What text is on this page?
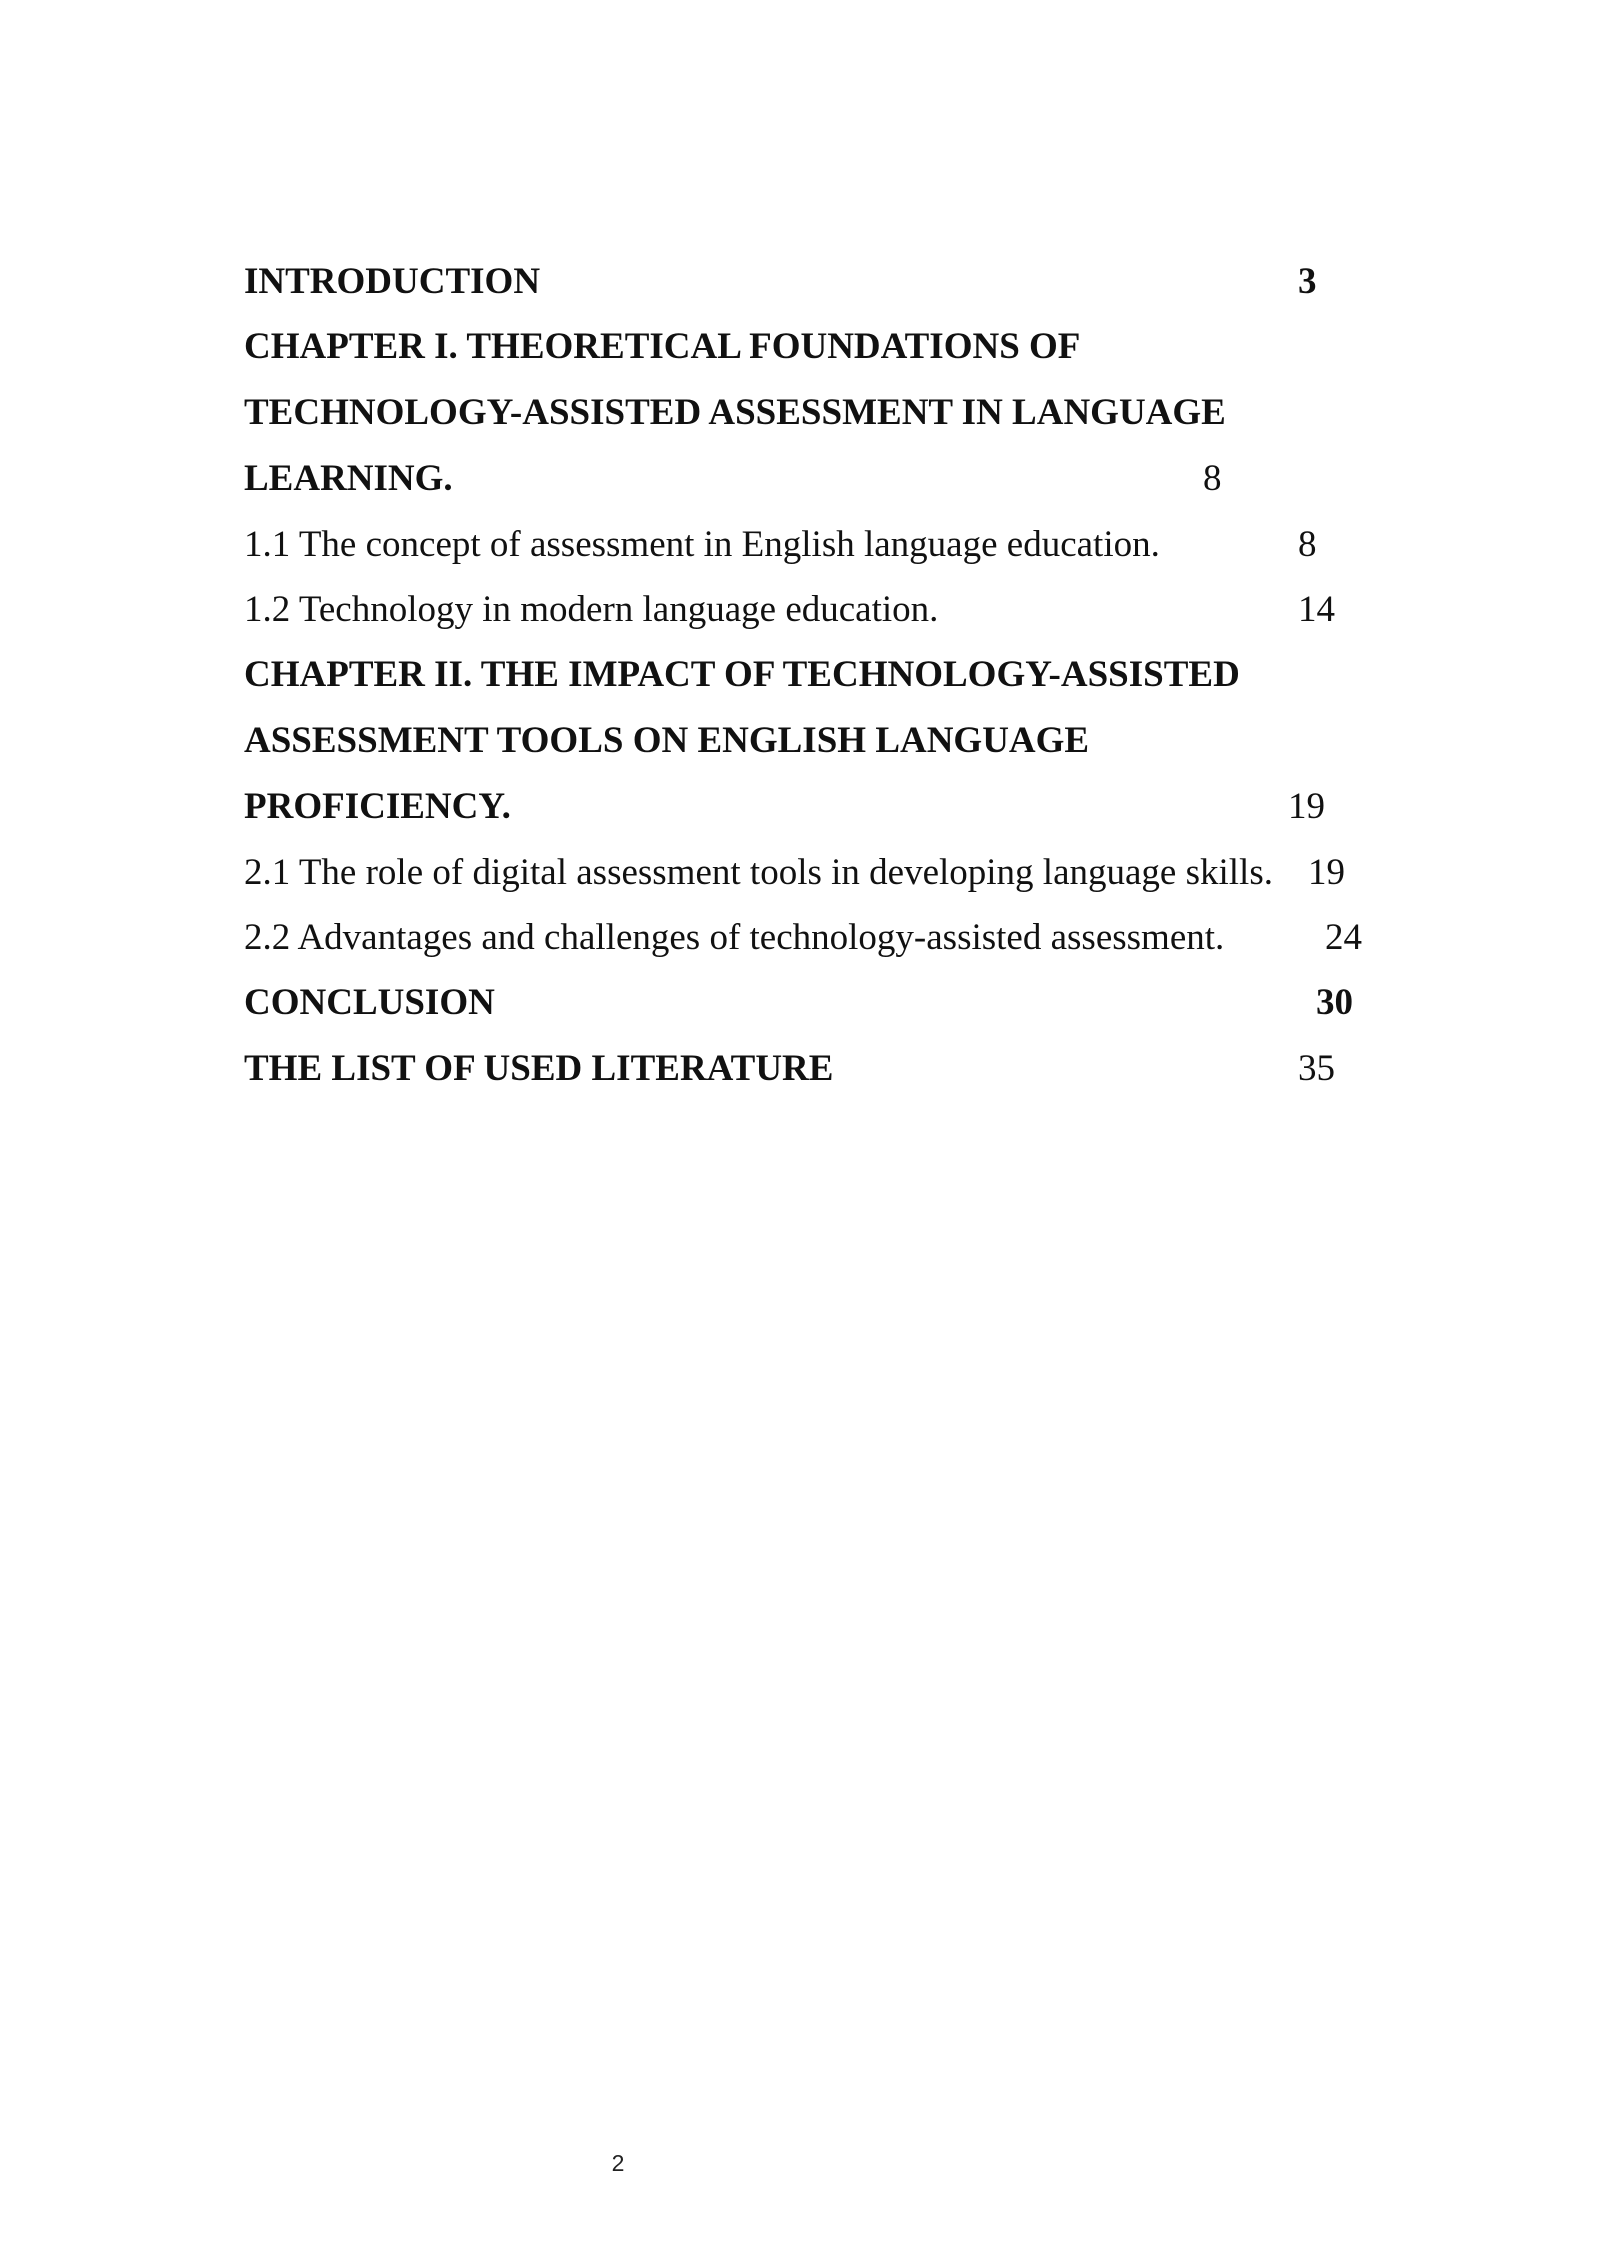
INTRODUCTION	3
CHAPTER I. THEORETICAL FOUNDATIONS OF
TECHNOLOGY-ASSISTED ASSESSMENT IN LANGUAGE
LEARNING.	8
1.1 The concept of assessment in English language education.	8
1.2 Technology in modern language education.	14
CHAPTER II. THE IMPACT OF TECHNOLOGY-ASSISTED
ASSESSMENT TOOLS ON ENGLISH LANGUAGE
PROFICIENCY.	19
2.1 The role of digital assessment tools in developing language skills. 19
2.2 Advantages and challenges of technology-assisted assessment.	24
CONCLUSION	30
THE LIST OF USED LITERATURE	35
2
